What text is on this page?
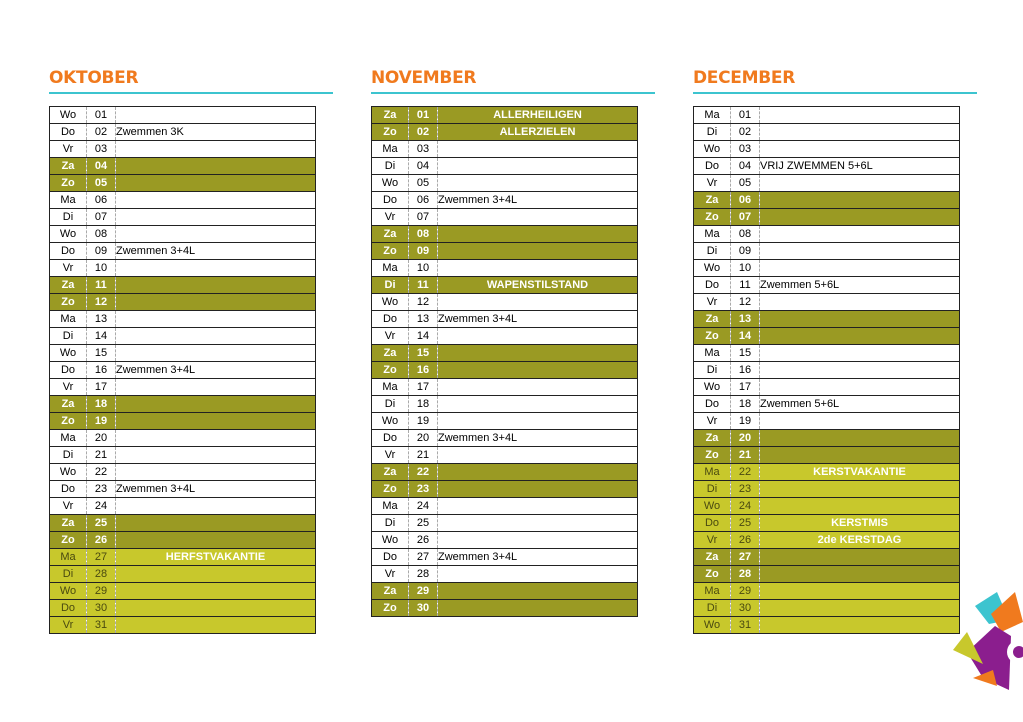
OKTOBER
Wo	01	
Do	02	Zwemmen 3K
Vr	03	
Za	04	
Zo	05	
Ma	06	
Di	07	
Wo	08	
Do	09	Zwemmen 3+4L
Vr	10	
Za	11	
Zo	12	
Ma	13	
Di	14	
Wo	15	
Do	16	Zwemmen 3+4L
Vr	17	
Za	18	
Zo	19	
Ma	20	
Di	21	
Wo	22	
Do	23	Zwemmen 3+4L
Vr	24	
Za	25	
Zo	26	
Ma	27	HERFSTVAKANTIE
Di	28	
Wo	29	
Do	30	
Vr	31	
NOVEMBER
Za	01	ALLERHEILIGEN
Zo	02	ALLERZIELEN
Ma	03	
Di	04	
Wo	05	
Do	06	Zwemmen 3+4L
Vr	07	
Za	08	
Zo	09	
Ma	10	
Di	11	WAPENSTILSTAND
Wo	12	
Do	13	Zwemmen 3+4L
Vr	14	
Za	15	
Zo	16	
Ma	17	
Di	18	
Wo	19	
Do	20	Zwemmen 3+4L
Vr	21	
Za	22	
Zo	23	
Ma	24	
Di	25	
Wo	26	
Do	27	Zwemmen 3+4L
Vr	28	
Za	29	
Zo	30	
DECEMBER
Ma	01	
Di	02	
Wo	03	
Do	04	VRIJ ZWEMMEN 5+6L
Vr	05	
Za	06	
Zo	07	
Ma	08	
Di	09	
Wo	10	
Do	11	Zwemmen 5+6L
Vr	12	
Za	13	
Zo	14	
Ma	15	
Di	16	
Wo	17	
Do	18	Zwemmen 5+6L
Vr	19	
Za	20	
Zo	21	
Ma	22	KERSTVAKANTIE
Di	23	
Wo	24	
Do	25	KERSTMIS
Vr	26	2de KERSTDAG
Za	27	
Zo	28	
Ma	29	
Di	30	
Wo	31	
